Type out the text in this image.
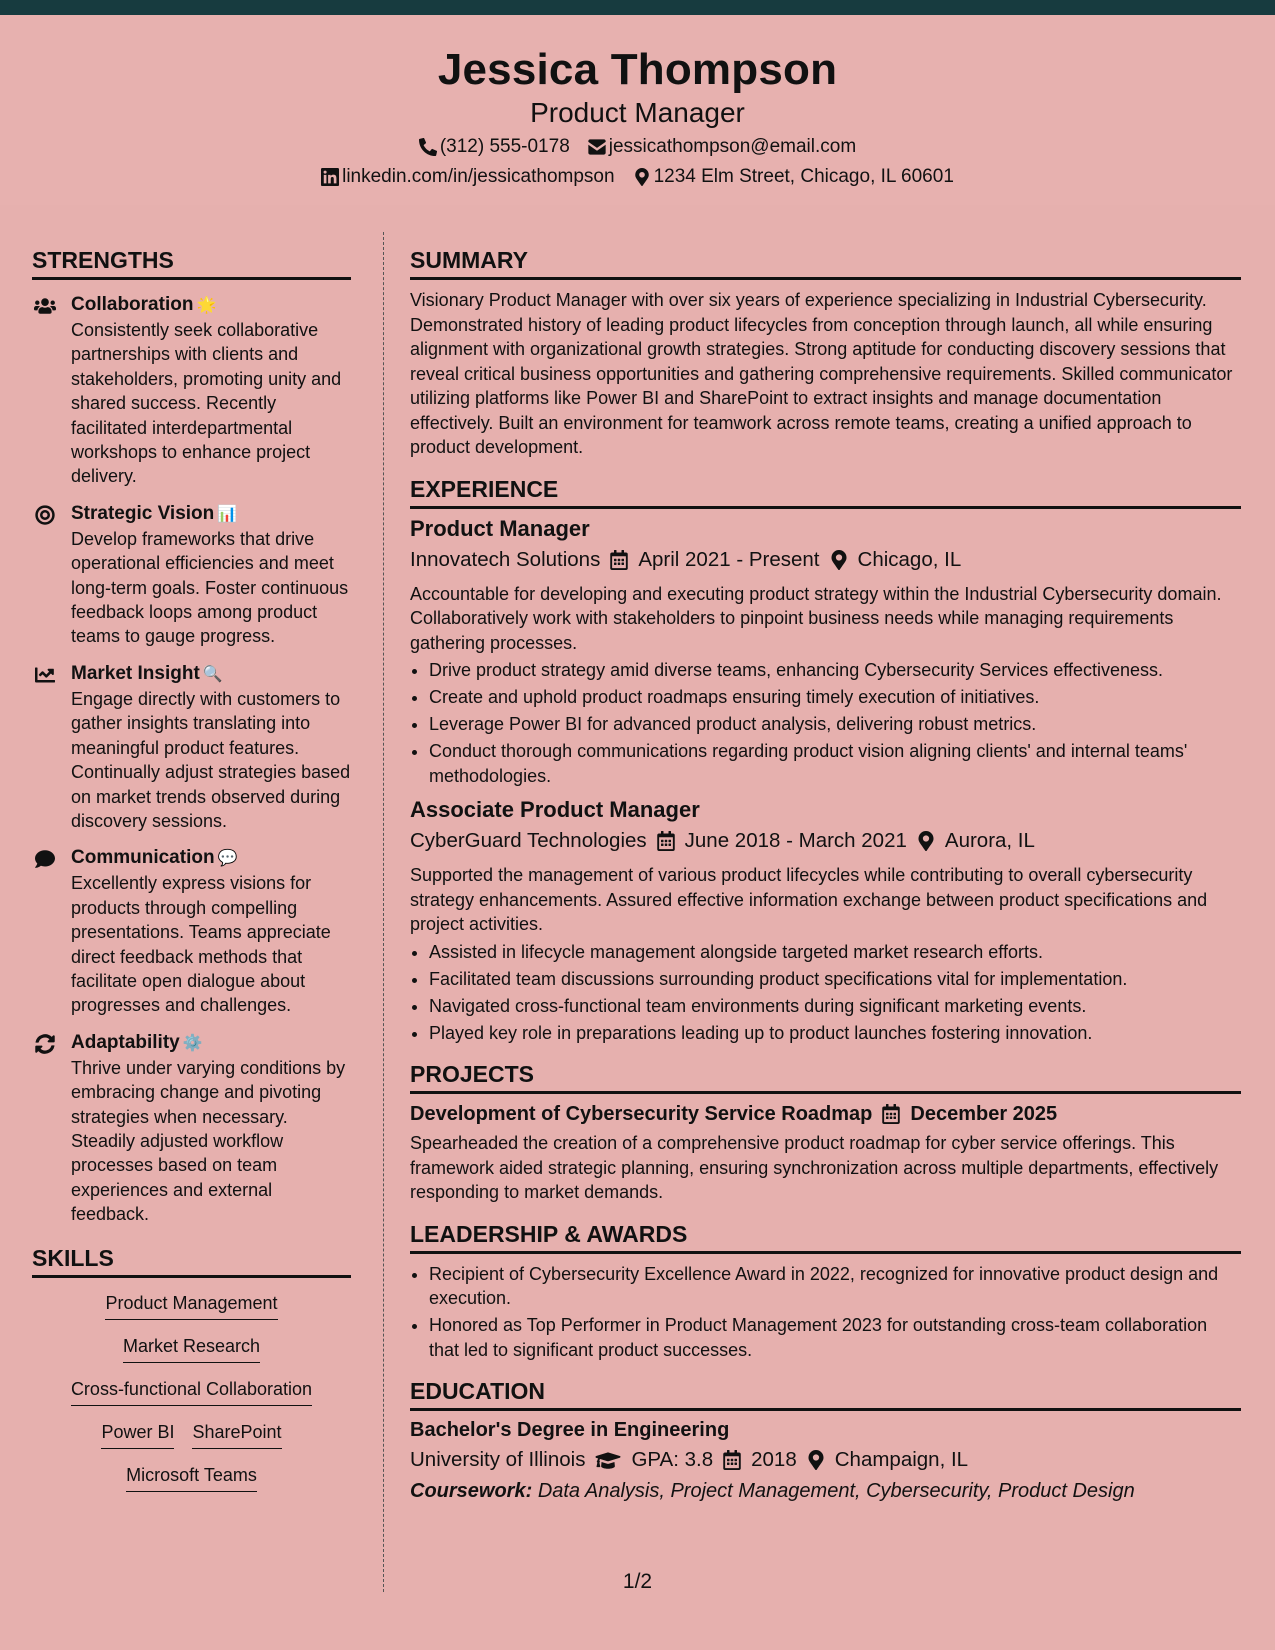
Jessica Thompson
Product Manager
(312) 555-0178 jessicathompson@email.com
linkedin.com/in/jessicathompson 1234 Elm Street, Chicago, IL 60601
STRENGTHS
Collaboration 🌟
Consistently seek collaborative partnerships with clients and stakeholders, promoting unity and shared success. Recently facilitated interdepartmental workshops to enhance project delivery.
Strategic Vision 📊
Develop frameworks that drive operational efficiencies and meet long-term goals. Foster continuous feedback loops among product teams to gauge progress.
Market Insight 🔍
Engage directly with customers to gather insights translating into meaningful product features. Continually adjust strategies based on market trends observed during discovery sessions.
Communication 💬
Excellently express visions for products through compelling presentations. Teams appreciate direct feedback methods that facilitate open dialogue about progresses and challenges.
Adaptability ⚙️
Thrive under varying conditions by embracing change and pivoting strategies when necessary. Steadily adjusted workflow processes based on team experiences and external feedback.
SKILLS
Product Management
Market Research
Cross-functional Collaboration
Power BI SharePoint
Microsoft Teams
SUMMARY
Visionary Product Manager with over six years of experience specializing in Industrial Cybersecurity. Demonstrated history of leading product lifecycles from conception through launch, all while ensuring alignment with organizational growth strategies. Strong aptitude for conducting discovery sessions that reveal critical business opportunities and gathering comprehensive requirements. Skilled communicator utilizing platforms like Power BI and SharePoint to extract insights and manage documentation effectively. Built an environment for teamwork across remote teams, creating a unified approach to product development.
EXPERIENCE
Product Manager
Innovatech Solutions April 2021 - Present Chicago, IL
Accountable for developing and executing product strategy within the Industrial Cybersecurity domain. Collaboratively work with stakeholders to pinpoint business needs while managing requirements gathering processes.
• Drive product strategy amid diverse teams, enhancing Cybersecurity Services effectiveness.
• Create and uphold product roadmaps ensuring timely execution of initiatives.
• Leverage Power BI for advanced product analysis, delivering robust metrics.
• Conduct thorough communications regarding product vision aligning clients' and internal teams' methodologies.
Associate Product Manager
CyberGuard Technologies June 2018 - March 2021 Aurora, IL
Supported the management of various product lifecycles while contributing to overall cybersecurity strategy enhancements. Assured effective information exchange between product specifications and project activities.
• Assisted in lifecycle management alongside targeted market research efforts.
• Facilitated team discussions surrounding product specifications vital for implementation.
• Navigated cross-functional team environments during significant marketing events.
• Played key role in preparations leading up to product launches fostering innovation.
PROJECTS
Development of Cybersecurity Service Roadmap December 2025
Spearheaded the creation of a comprehensive product roadmap for cyber service offerings. This framework aided strategic planning, ensuring synchronization across multiple departments, effectively responding to market demands.
LEADERSHIP & AWARDS
• Recipient of Cybersecurity Excellence Award in 2022, recognized for innovative product design and execution.
• Honored as Top Performer in Product Management 2023 for outstanding cross-team collaboration that led to significant product successes.
EDUCATION
Bachelor's Degree in Engineering
University of Illinois GPA: 3.8 2018 Champaign, IL
Coursework: Data Analysis, Project Management, Cybersecurity, Product Design
1/2
